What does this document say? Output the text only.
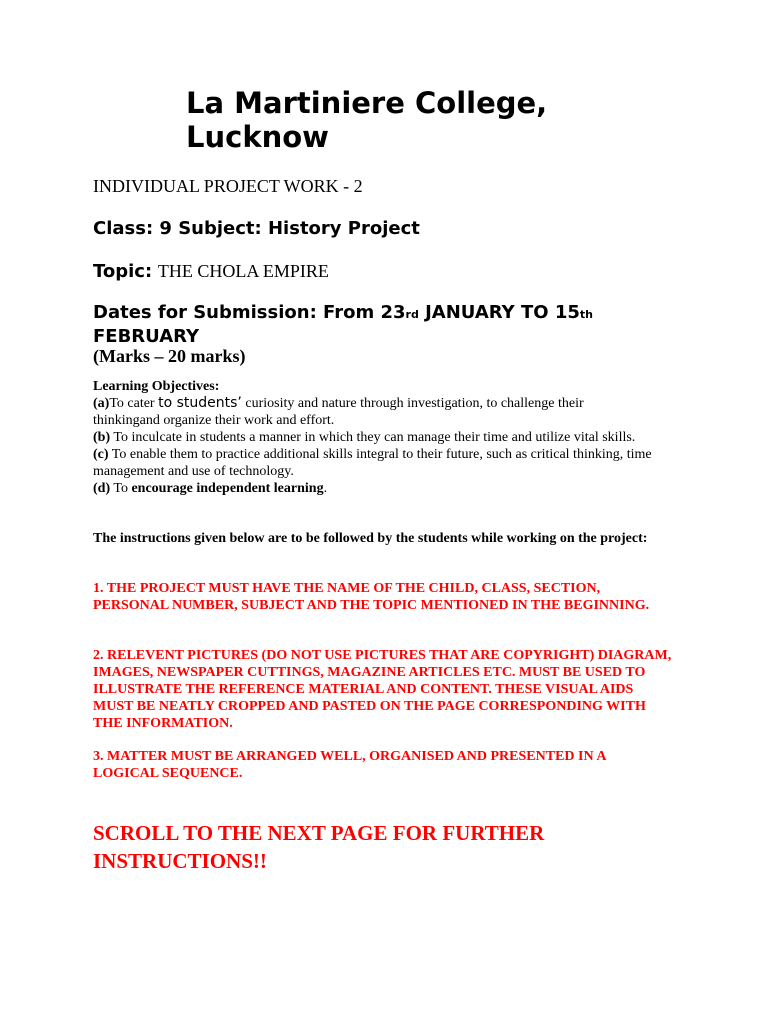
La Martiniere College,
Lucknow

INDIVIDUAL PROJECT WORK - 2

Class: 9 Subject: History Project

Topic: THE CHOLA EMPIRE

Dates for Submission: From 23rd JANUARY TO 15th
FEBRUARY

(Marks – 20 marks)

Learning Objectives:

(a)To cater to students’ curiosity and nature through investigation, to challenge their thinkingand organize their work and effort.

(b) To inculcate in students a manner in which they can manage their time and utilize vital skills.

(c) To enable them to practice additional skills integral to their future, such as critical thinking, time management and use of technology.

(d) To encourage independent learning.

The instructions given below are to be followed by the students while working on the project:

1. THE PROJECT MUST HAVE THE NAME OF THE CHILD, CLASS, SECTION, PERSONAL NUMBER, SUBJECT AND THE TOPIC MENTIONED IN THE BEGINNING.

2. RELEVENT PICTURES (DO NOT USE PICTURES THAT ARE COPYRIGHT) DIAGRAM, IMAGES, NEWSPAPER CUTTINGS, MAGAZINE ARTICLES ETC. MUST BE USED TO ILLUSTRATE THE REFERENCE MATERIAL AND CONTENT. THESE VISUAL AIDS MUST BE NEATLY CROPPED AND PASTED ON THE PAGE CORRESPONDING WITH THE INFORMATION.

3. MATTER MUST BE ARRANGED WELL, ORGANISED AND PRESENTED IN A LOGICAL SEQUENCE.

SCROLL TO THE NEXT PAGE FOR FURTHER INSTRUCTIONS!!
